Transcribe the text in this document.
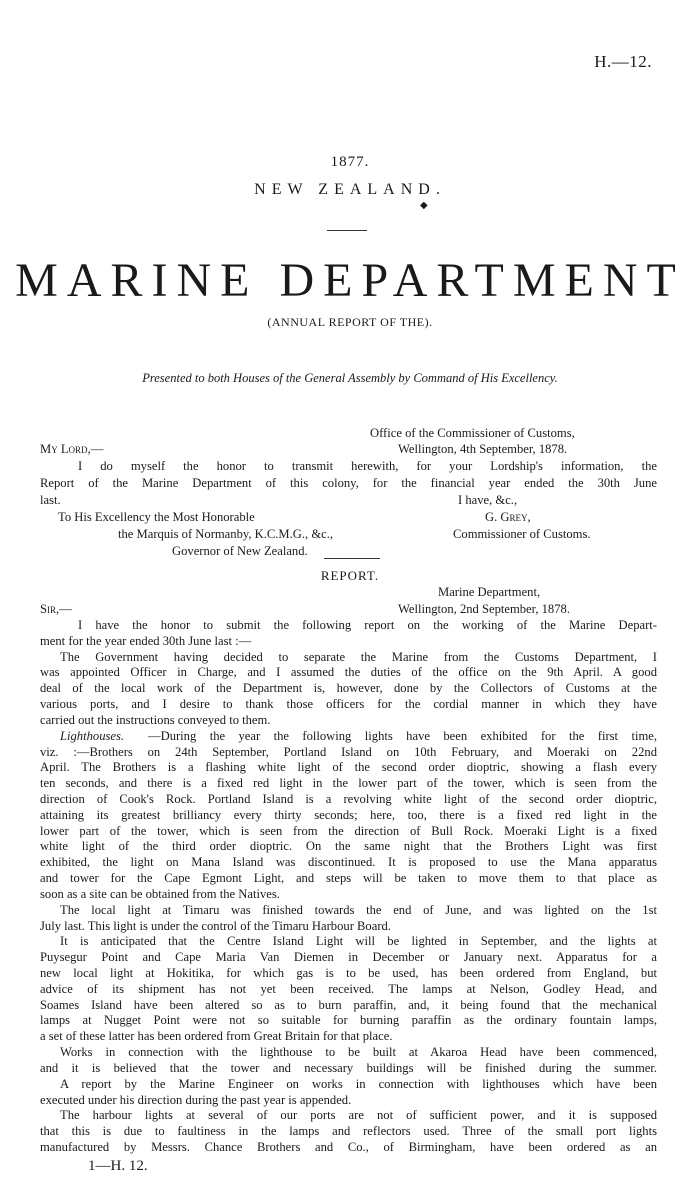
H.—12.
1877.
NEW ZEALAND.
◆
MARINE DEPARTMENT
(ANNUAL REPORT OF THE).
Presented to both Houses of the General Assembly by Command of His Excellency.
Office of the Commissioner of Customs,
My Lord,—	Wellington, 4th September, 1878.
I do myself the honor to transmit herewith, for your Lordship's information, the
Report of the Marine Department of this colony, for the financial year ended the 30th June
last.	I have, &c.,
To His Excellency the Most Honorable	G. Grey,
the Marquis of Normanby, K.C.M.G., &c.,	Commissioner of Customs.
Governor of New Zealand.
REPORT.
Marine Department,
Sir,—	Wellington, 2nd September, 1878.
I have the honor to submit the following report on the working of the Marine Depart-
ment for the year ended 30th June last :—
The Government having decided to separate the Marine from the Customs Department, I
was appointed Officer in Charge, and I assumed the duties of the office on the 9th April. A good
deal of the local work of the Department is, however, done by the Collectors of Customs at the
various ports, and I desire to thank those officers for the cordial manner in which they have
carried out the instructions conveyed to them.
Lighthouses.	—During the year the following lights have been exhibited for the first time,
viz. :—Brothers on 24th September, Portland Island on 10th February, and Moeraki on 22nd
April. The Brothers is a flashing white light of the second order dioptric, showing a flash every
ten seconds, and there is a fixed red light in the lower part of the tower, which is seen from the
direction of Cook's Rock. Portland Island is a revolving white light of the second order dioptric,
attaining its greatest brilliancy every thirty seconds; here, too, there is a fixed red light in the
lower part of the tower, which is seen from the direction of Bull Rock. Moeraki Light is a fixed
white light of the third order dioptric. On the same night that the Brothers Light was first
exhibited, the light on Mana Island was discontinued. It is proposed to use the Mana apparatus
and tower for the Cape Egmont Light, and steps will be taken to move them to that place as
soon as a site can be obtained from the Natives.
The local light at Timaru was finished towards the end of June, and was lighted on the 1st
July last. This light is under the control of the Timaru Harbour Board.
It is anticipated that the Centre Island Light will be lighted in September, and the lights at
Puysegur Point and Cape Maria Van Diemen in December or January next. Apparatus for a
new local light at Hokitika, for which gas is to be used, has been ordered from England, but
advice of its shipment has not yet been received. The lamps at Nelson, Godley Head, and
Soames Island have been altered so as to burn paraffin, and, it being found that the mechanical
lamps at Nugget Point were not so suitable for burning paraffin as the ordinary fountain lamps,
a set of these latter has been ordered from Great Britain for that place.
Works in connection with the lighthouse to be built at Akaroa Head have been commenced,
and it is believed that the tower and necessary buildings will be finished during the summer.
A report by the Marine Engineer on works in connection with lighthouses which have been
executed under his direction during the past year is appended.
The harbour lights at several of our ports are not of sufficient power, and it is supposed
that this is due to faultiness in the lamps and reflectors used. Three of the small port lights
manufactured by Messrs. Chance Brothers and Co., of Birmingham, have been ordered as an
1—H. 12.
